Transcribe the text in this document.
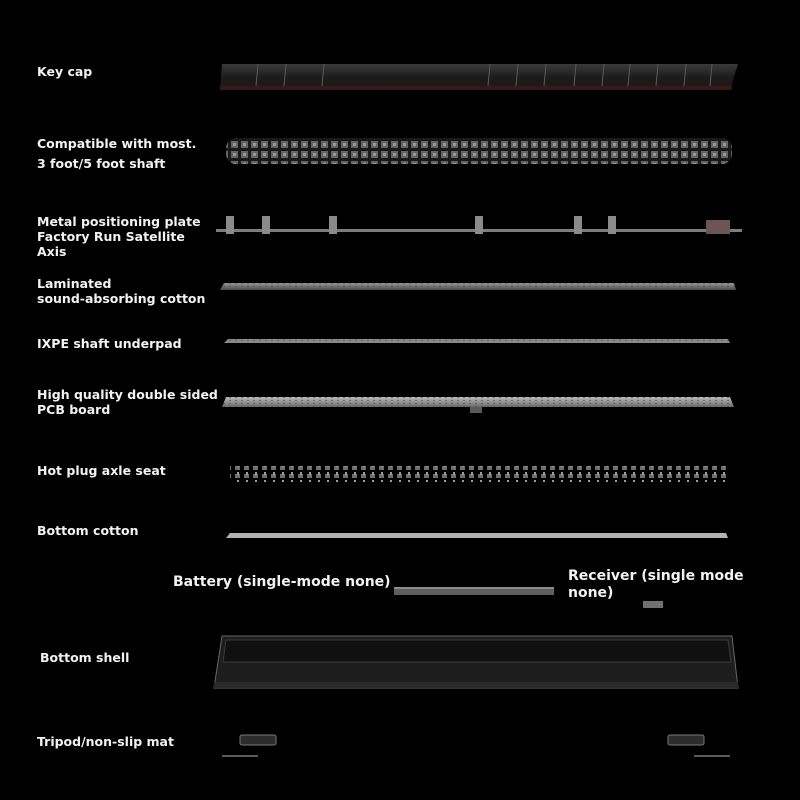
Key cap
Compatible with most.
3 foot/5 foot shaft
Metal positioning plate
Factory Run Satellite
Axis
Laminated
sound-absorbing cotton
IXPE shaft underpad
High quality double sided
PCB board
Hot plug axle seat
Bottom cotton
Battery (single-mode none)	Receiver (single mode
none)
Bottom shell
Tripod/non-slip mat
